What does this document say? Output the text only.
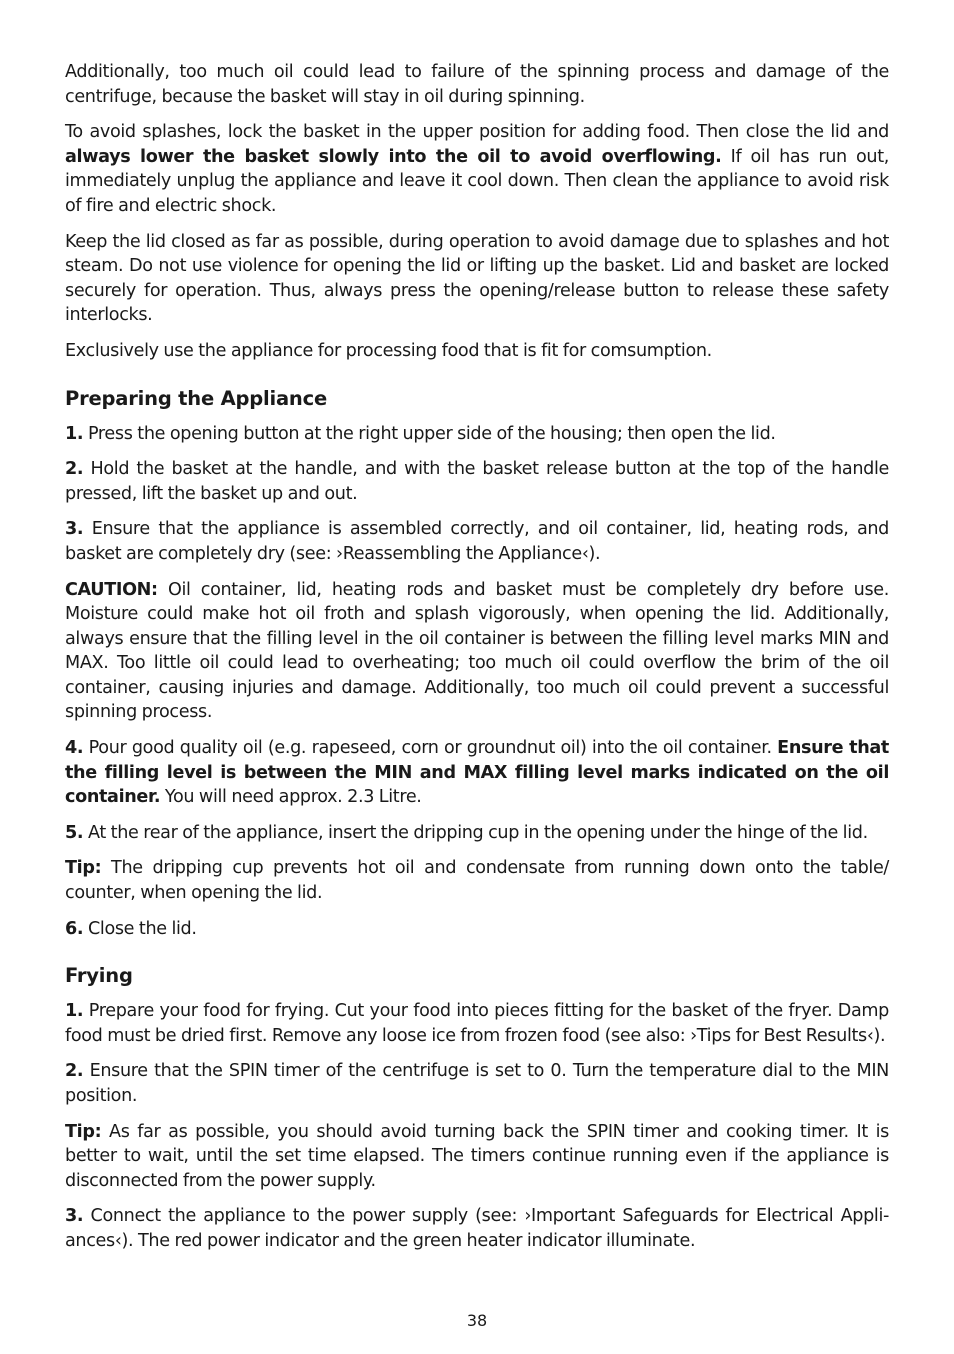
Additionally, too much oil could lead to failure of the spinning process and damage of the centrifuge, because the basket will stay in oil during spinning.

To avoid splashes, lock the basket in the upper position for adding food. Then close the lid and always lower the basket slowly into the oil to avoid overflowing. If oil has run out, immediately unplug the appliance and leave it cool down. Then clean the appliance to avoid risk of fire and electric shock.

Keep the lid closed as far as possible, during operation to avoid damage due to splashes and hot steam. Do not use violence for opening the lid or lifting up the basket. Lid and basket are locked securely for operation. Thus, always press the opening/release button to release these safety interlocks.

Exclusively use the appliance for processing food that is fit for comsumption.

Preparing the Appliance

1. Press the opening button at the right upper side of the housing; then open the lid.

2. Hold the basket at the handle, and with the basket release button at the top of the handle pressed, lift the basket up and out.

3. Ensure that the appliance is assembled correctly, and oil container, lid, heating rods, and basket are completely dry (see: ›Reassembling the Appliance‹).

CAUTION: Oil container, lid, heating rods and basket must be completely dry before use. Moisture could make hot oil froth and splash vigorously, when opening the lid. Additionally, always ensure that the filling level in the oil container is between the filling level marks MIN and MAX. Too little oil could lead to overheating; too much oil could overflow the brim of the oil container, causing injuries and damage. Additionally, too much oil could prevent a successful spinning process.

4. Pour good quality oil (e.g. rapeseed, corn or groundnut oil) into the oil container. Ensure that the filling level is between the MIN and MAX filling level marks indicated on the oil container. You will need approx. 2.3 Litre.

5. At the rear of the appliance, insert the dripping cup in the opening under the hinge of the lid.

Tip: The dripping cup prevents hot oil and condensate from running down onto the table/ counter, when opening the lid.

6. Close the lid.

Frying

1. Prepare your food for frying. Cut your food into pieces fitting for the basket of the fryer. Damp food must be dried first. Remove any loose ice from frozen food (see also: ›Tips for Best Results‹).

2. Ensure that the SPIN timer of the centrifuge is set to 0. Turn the temperature dial to the MIN position.

Tip: As far as possible, you should avoid turning back the SPIN timer and cooking timer. It is better to wait, until the set time elapsed. The timers continue running even if the appliance is disconnected from the power supply.

3. Connect the appliance to the power supply (see: ›Important Safeguards for Electrical Appli-ances‹). The red power indicator and the green heater indicator illuminate.

38
